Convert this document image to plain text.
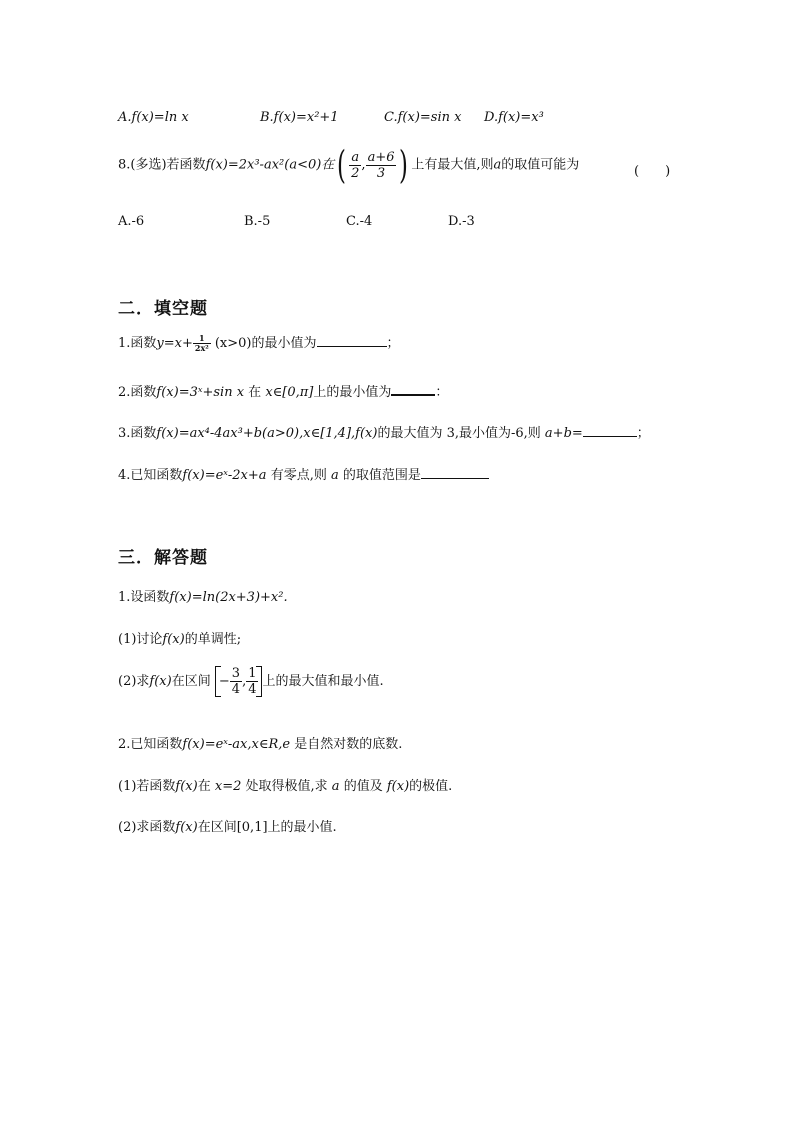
A.f(x)=ln x	B.f(x)=x²+1	C.f(x)=sin x D.f(x)=x³
8.(多选)若函数f(x)=2x³-ax²(a<0)在( $\frac{a}{2}$ , $\frac{a+6}{3}$ ) 上有最大值,则a的取值可能为	(　　)
A.-6	B.-5	C.-4	D.-3
二．填空题
1.函数$y=x+ \frac{1}{\text{2x²}} (x>0)$的最小值为	；
2.函数f(x)=3ˣ+sin x 在 x∈[0,π]上的最小值为	：
3.函数f(x)=ax⁴-4ax³+b(a>0),x∈[1,4],f(x)的最大值为 3,最小值为-6,则 a+b=	；
4.已知函数f(x)=eˣ-2x+a 有零点,则 a 的取值范围是
三．解答题
1.设函数f(x)=ln(2x+3)+x².
(1)讨论f(x)的单调性;
(2)求f(x)在区间 − $\frac{3}{4}$ , $\frac{1}{4}$ 上的最大值和最小值.
2.已知函数f(x)=eˣ-ax,x∈R,e 是自然对数的底数.
(1)若函数f(x)在 x=2 处取得极值,求 a 的值及 f(x)的极值.
(2)求函数f(x)在区间[0,1]上的最小值.
